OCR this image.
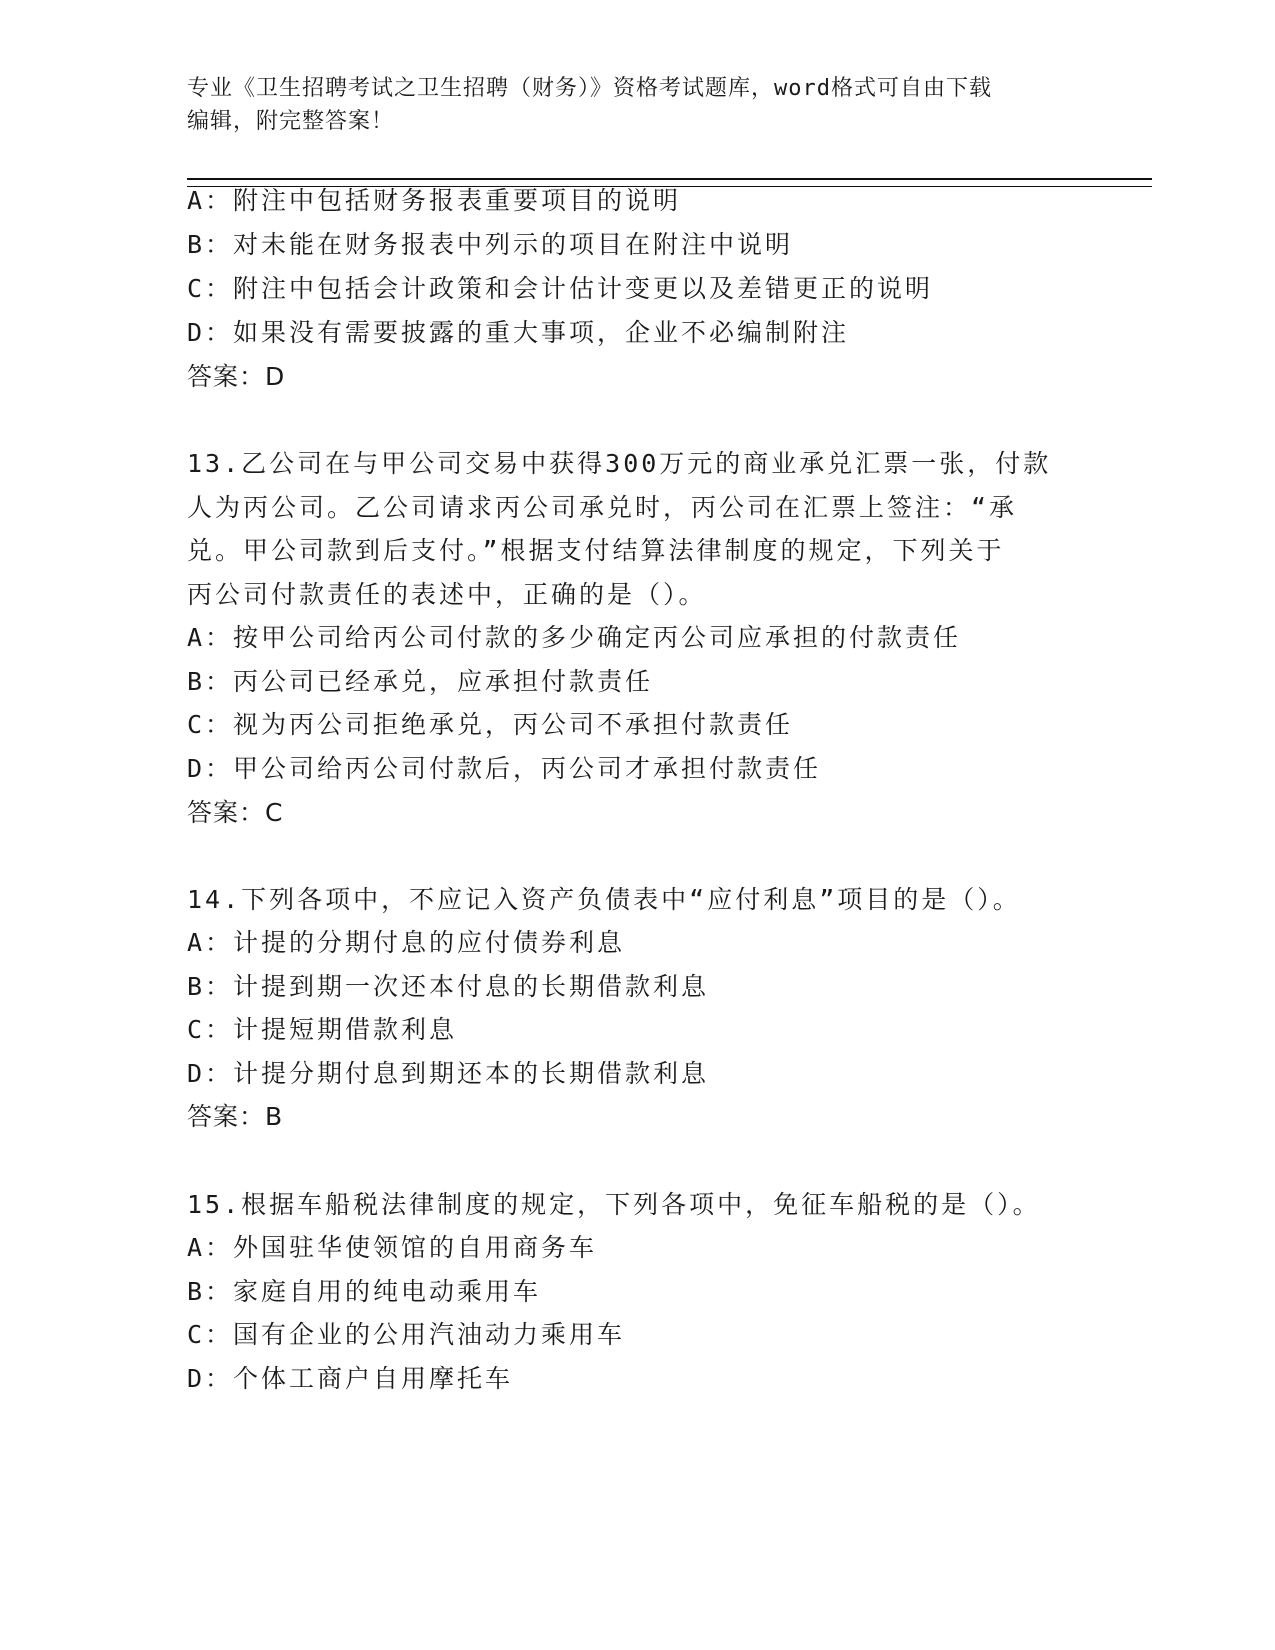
专业《卫生招聘考试之卫生招聘（财务）》资格考试题库，word格式可自由下载
编辑，附完整答案！
A：附注中包括财务报表重要项目的说明
B：对未能在财务报表中列示的项目在附注中说明
C：附注中包括会计政策和会计估计变更以及差错更正的说明
D：如果没有需要披露的重大事项，企业不必编制附注
答案：D
13.乙公司在与甲公司交易中获得300万元的商业承兑汇票一张，付款
人为丙公司。乙公司请求丙公司承兑时，丙公司在汇票上签注：“承
兑。甲公司款到后支付。”根据支付结算法律制度的规定，下列关于
丙公司付款责任的表述中，正确的是（）。
A：按甲公司给丙公司付款的多少确定丙公司应承担的付款责任
B：丙公司已经承兑，应承担付款责任
C：视为丙公司拒绝承兑，丙公司不承担付款责任
D：甲公司给丙公司付款后，丙公司才承担付款责任
答案：C
14.下列各项中，不应记入资产负债表中“应付利息”项目的是（）。
A：计提的分期付息的应付债券利息
B：计提到期一次还本付息的长期借款利息
C：计提短期借款利息
D：计提分期付息到期还本的长期借款利息
答案：B
15.根据车船税法律制度的规定，下列各项中，免征车船税的是（）。
A：外国驻华使领馆的自用商务车
B：家庭自用的纯电动乘用车
C：国有企业的公用汽油动力乘用车
D：个体工商户自用摩托车
